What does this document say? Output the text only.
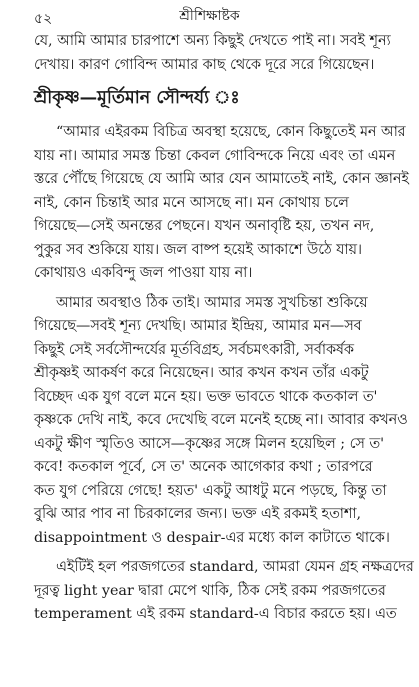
৫২	শ্রীশিক্ষাষ্টক

যে, আমি আমার চারপাশে অন্য কিছুই দেখতে পাই না। সবই শূন্য
দেখায়। কারণ গোবিন্দ আমার কাছ থেকে দূরে সরে গিয়েছেন।

শ্রীকৃষ্ণ—মূর্তিমান সৌন্দর্য্য ঃ

“আমার এইরকম বিচিত্র অবস্থা হয়েছে, কোন কিছুতেই মন আর
যায় না। আমার সমস্ত চিন্তা কেবল গোবিন্দকে নিয়ে এবং তা এমন
স্তরে পৌঁছে গিয়েছে যে আমি আর যেন আমাতেই নাই, কোন জ্ঞানই
নাই, কোন চিন্তাই আর মনে আসছে না। মন কোথায় চলে
গিয়েছে—সেই অনন্তের পেছনে। যখন অনাবৃষ্টি হয়, তখন নদ,
পুকুর সব শুকিয়ে যায়। জল বাষ্প হয়েই আকাশে উঠে যায়।
কোথায়ও একবিন্দু জল পাওয়া যায় না।

আমার অবস্থাও ঠিক তাই। আমার সমস্ত সুখচিন্তা শুকিয়ে
গিয়েছে—সবই শূন্য দেখছি। আমার ইন্দ্রিয়, আমার মন—সব
কিছুই সেই সর্বসৌন্দর্যের মূর্তবিগ্রহ, সর্বচমৎকারী, সর্বাকর্ষক
শ্রীকৃষ্ণই আকর্ষণ করে নিয়েছেন। আর কখন কখন তাঁর একটু
বিচ্ছেদ এক যুগ বলে মনে হয়। ভক্ত ভাবতে থাকে কতকাল ত'
কৃষ্ণকে দেখি নাই, কবে দেখেছি বলে মনেই হচ্ছে না। আবার কখনও
একটু ক্ষীণ স্মৃতিও আসে—কৃষ্ণের সঙ্গে মিলন হয়েছিল ; সে ত'
কবে! কতকাল পূর্বে, সে ত' অনেক আগেকার কথা ; তারপরে
কত যুগ পেরিয়ে গেছে! হয়ত' একটু আধটু মনে পড়ছে, কিন্তু তা
বুঝি আর পাব না চিরকালের জন্য। ভক্ত এই রকমই হতাশা,
disappointment ও despair-এর মধ্যে কাল কাটাতে থাকে।

এইটিই হল পরজগতের standard, আমরা যেমন গ্রহ নক্ষত্রদের
দূরত্ব light year দ্বারা মেপে থাকি, ঠিক সেই রকম পরজগতের
temperament এই রকম standard-এ বিচার করতে হয়। এত
